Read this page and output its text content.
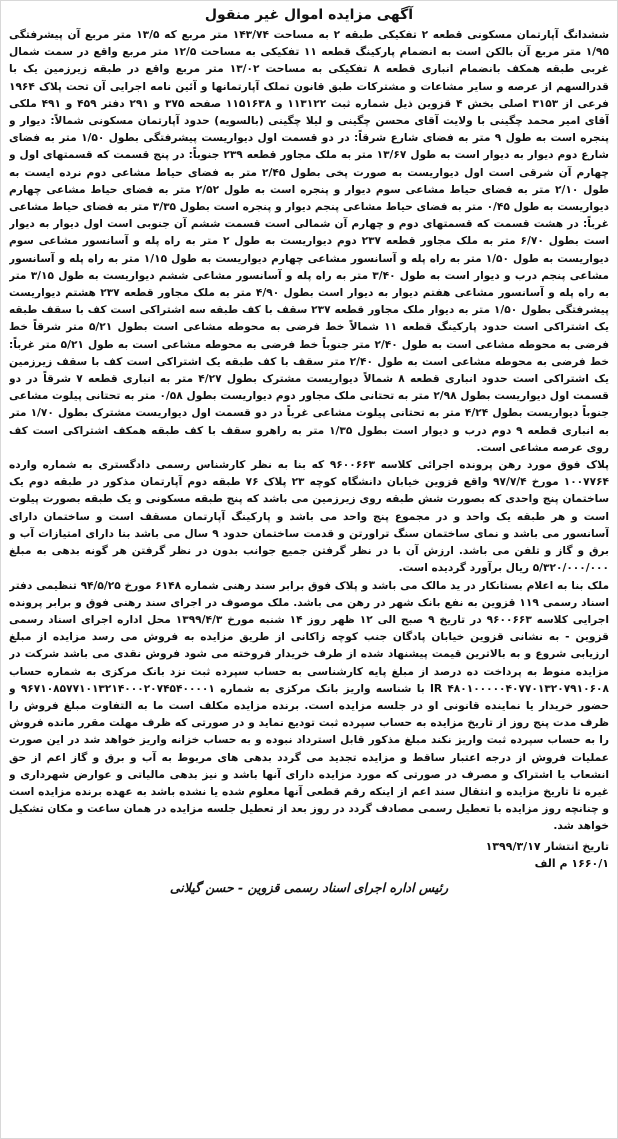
آگهی مزایده اموال غیر منقول

ششدانگ آپارتمان مسکونی قطعه ۲ تفکیکی طبقه ۲ به مساحت ۱۴۳/۷۴ متر مربع که ۱۳/۵ متر مربع آن پیشرفتگی ۱/۹۵ متر مربع آن بالکن است به انضمام پارکینگ قطعه ۱۱ تفکیکی به مساحت ۱۲/۵ متر مربع واقع در سمت شمال غربی طبقه همکف بانضمام انباری قطعه ۸ تفکیکی به مساحت ۱۳/۰۲ متر مربع واقع در طبقه زیرزمین یک با قدرالسهم از عرصه و سایر مشاعات و مشترکات طبق قانون تملک آپارتمانها و آئین نامه اجرایی آن تحت پلاک ۱۹۶۴ فرعی از ۳۱۵۳ اصلی بخش ۴ قزوین ذیل شماره ثبت ۱۱۳۱۲۲ و ۱۱۵۱۶۳۸ صفحه ۳۷۵ و ۲۹۱ دفتر ۴۵۹ و ۴۹۱ ملکی آقای امیر محمد چگینی با ولایت آقای محسن چگینی و لیلا چگینی (بالسویه) حدود آپارتمان مسکونی شمالاً: دیوار و پنجره است به طول ۹ متر به فضای شارع شرقاً: در دو قسمت اول دیواریست پیشرفتگی بطول ۱/۵۰ متر به فضای شارع دوم دیوار به دیوار است به طول ۱۳/۶۷ متر به ملک مجاور قطعه ۲۳۹ جنوباً: در پنج قسمت که قسمتهای اول و چهارم آن شرقی است اول دیواریست به صورت پخی بطول ۲/۴۵ متر به فضای حیاط مشاعی دوم نرده ایست به طول ۲/۱۰ متر به فضای حیاط مشاعی سوم دیوار و پنجره است به طول ۲/۵۲ متر به فضای حیاط مشاعی چهارم دیواریست به طول ۰/۴۵ متر به فضای حیاط مشاعی پنجم دیوار و پنجره است بطول ۳/۳۵ متر به فضای حیاط مشاعی غرباً: در هشت قسمت که قسمتهای دوم و چهارم آن شمالی است قسمت ششم آن جنوبی است اول دیوار به دیوار است بطول ۶/۷۰ متر به ملک مجاور قطعه ۲۳۷ دوم دیواریست به طول ۲ متر به راه پله و آسانسور مشاعی سوم دیواریست به طول ۱/۵۰ متر به راه پله و آسانسور مشاعی چهارم دیواریست به طول ۱/۱۵ متر به راه پله و آسانسور مشاعی پنجم درب و دیوار است به طول ۳/۴۰ متر به راه پله و آسانسور مشاعی ششم دیواریست به طول ۳/۱۵ متر به راه پله و آسانسور مشاعی هفتم دیوار به دیوار است بطول ۴/۹۰ متر به ملک مجاور قطعه ۲۳۷ هشتم دیواریست پیشرفتگی بطول ۱/۵۰ متر به دیوار ملک مجاور قطعه ۲۳۷ سقف با کف طبقه سه اشتراکی است کف با سقف طبقه یک اشتراکی است حدود پارکینگ قطعه ۱۱ شمالاً خط فرضی به محوطه مشاعی است بطول ۵/۲۱ متر شرقاً خط فرضی به محوطه مشاعی است به طول ۲/۴۰ متر جنوباً خط فرضی به محوطه مشاعی است به طول ۵/۲۱ متر غرباً: خط فرضی به محوطه مشاعی است به طول ۲/۴۰ متر سقف با کف طبقه یک اشتراکی است کف با سقف زیرزمین یک اشتراکی است حدود انباری قطعه ۸ شمالاً دیواریست مشترک بطول ۴/۲۷ متر به انباری قطعه ۷ شرقاً در دو قسمت اول دیواریست بطول ۲/۹۸ متر به تحتانی ملک مجاور دوم دیواریست بطول ۰/۵۸ متر به تحتانی پیلوت مشاعی جنوباً دیواریست بطول ۴/۲۴ متر به تحتانی پیلوت مشاعی غرباً در دو قسمت اول دیواریست مشترک بطول ۱/۷۰ متر به انباری قطعه ۹ دوم درب و دیوار است بطول ۱/۳۵ متر به راهرو سقف با کف طبقه همکف اشتراکی است کف روی عرصه مشاعی است.

پلاک فوق مورد رهن پرونده اجرائی کلاسه ۹۶۰۰۶۶۳ که بنا به نظر کارشناس رسمی دادگستری به شماره وارده ۱۰۰۷۷۶۴ مورخ ۹۷/۷/۴ واقع قزوین خیابان دانشگاه کوچه ۲۳ پلاک ۷۶ طبقه دوم آپارتمان مذکور در طبقه دوم یک ساختمان پنج واحدی که بصورت شش طبقه روی زیرزمین می باشد که پنج طبقه مسکونی و یک طبقه بصورت پیلوت است و هر طبقه یک واحد و در مجموع پنج واحد می باشد و پارکینگ آپارتمان مسقف است و ساختمان دارای آسانسور می باشد و نمای ساختمان سنگ تراورتن و قدمت ساختمان حدود ۹ سال می باشد بنا دارای امتیازات آب و برق و گاز و تلفن می باشد. ارزش آن با در نظر گرفتن جمیع جوانب بدون در نظر گرفتن هر گونه بدهی به مبلغ ۵/۳۲۰/۰۰۰/۰۰۰ ریال برآورد گردیده است.

ملک بنا به اعلام بستانکار در ید مالک می باشد و پلاک فوق برابر سند رهنی شماره ۶۱۴۸ مورخ ۹۴/۵/۲۵ تنظیمی دفتر اسناد رسمی ۱۱۹ قزوین به نفع بانک شهر در رهن می باشد. ملک موصوف در اجرای سند رهنی فوق و برابر پرونده اجرایی کلاسه ۹۶۰۰۶۶۳ در تاریخ ۹ صبح الی ۱۲ ظهر روز ۱۴ شنبه مورخ ۱۳۹۹/۴/۳ محل اداره اجرای اسناد رسمی قزوین - به نشانی قزوین خیابان پادگان جنب کوچه زاکانی از طریق مزایده به فروش می رسد مزایده از مبلغ ارزیابی شروع و به بالاترین قیمت پیشنهاد شده از طرف خریدار فروخته می شود فروش نقدی می باشد شرکت در مزایده منوط به پرداخت ده درصد از مبلغ پایه کارشناسی به حساب سپرده ثبت نزد بانک مرکزی به شماره حساب ۴۸۰۱۰۰۰۰۰۴۰۷۷۰۱۳۲۰۷۹۱۰۶۰۸ IR با شناسه واریز بانک مرکزی به شماره ۹۶۷۱۰۸۵۷۷۱۰۱۳۲۱۴۰۰۰۲۰۷۴۵۴۰۰۰۰۱ و حضور خریدار یا نماینده قانونی او در جلسه مزایده است. برنده مزایده مکلف است ما به التفاوت مبلغ فروش را ظرف مدت پنج روز از تاریخ مزایده به حساب سپرده ثبت تودیع نماید و در صورتی که ظرف مهلت مقرر مانده فروش را به حساب سپرده ثبت واریز نکند مبلغ مذکور قابل استرداد نبوده و به حساب خزانه واریز خواهد شد در این صورت عملیات فروش از درجه اعتبار ساقط و مزایده تجدید می گردد بدهی های مربوط به آب و برق و گاز اعم از حق انشعاب یا اشتراک و مصرف در صورتی که مورد مزایده دارای آنها باشد و نیز بدهی مالیاتی و عوارض شهرداری و غیره تا تاریخ مزایده و انتقال سند اعم از اینکه رقم قطعی آنها معلوم شده یا نشده باشد به عهده برنده مزایده است و چنانچه روز مزایده با تعطیل رسمی مصادف گردد در روز بعد از تعطیل جلسه مزایده در همان ساعت و مکان تشکیل خواهد شد.

تاریخ انتشار ۱۳۹۹/۳/۱۷
۱۶۶۰/۱ م الف
رئیس اداره اجرای اسناد رسمی قزوین - حسن گیلانی
